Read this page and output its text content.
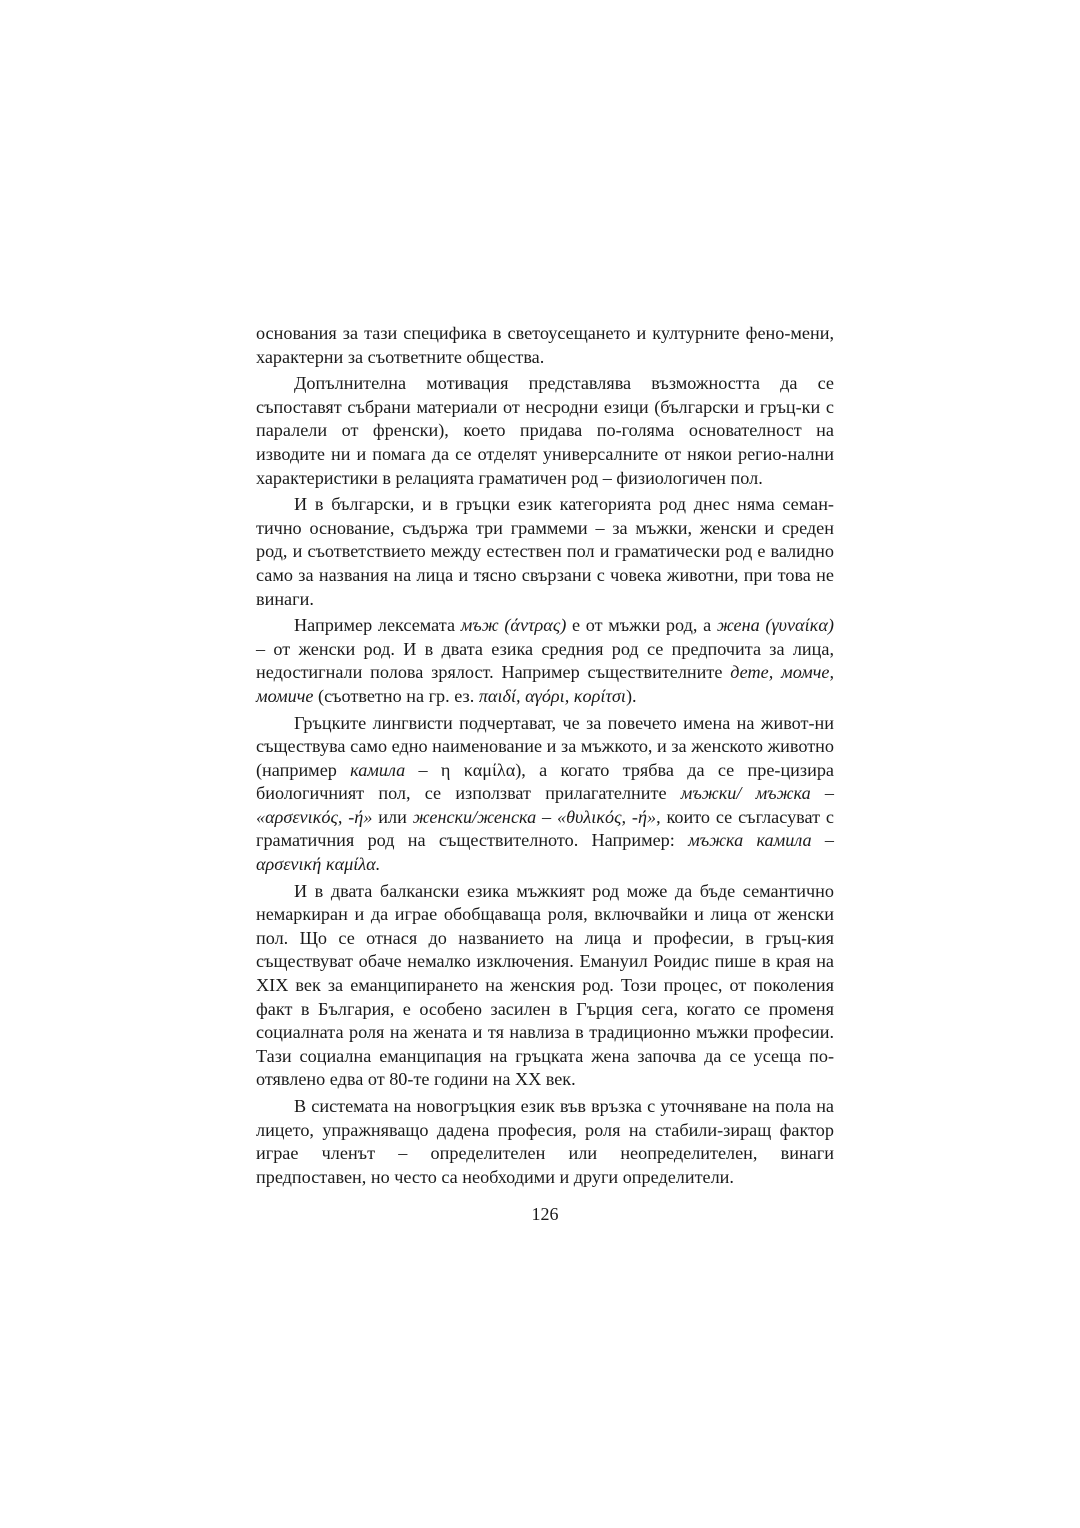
основания за тази специфика в светоусещането и културните фено-мени, характерни за съответните общества.

Допълнителна мотивация представлява възможността да се съпоставят събрани материали от несродни езици (български и гръц-ки с паралели от френски), което придава по-голяма основателност на изводите ни и помага да се отделят универсалните от някои регио-нални характеристики в релацията граматичен род – физиологичен пол.

И в български, и в гръцки език категорията род днес няма семан-тично основание, съдържа три граммеми – за мъжки, женски и среден род, и съответствието между естествен пол и граматически род е валидно само за названия на лица и тясно свързани с човека животни, при това не винаги.

Например лексемата мъж (άντρας) е от мъжки род, а жена (γυναίκα) – от женски род. И в двата езика средния род се предпочита за лица, недостигнали полова зрялост. Например съществителните дете, момче, момиче (съответно на гр. ез. παιδί, αγόρι, κορίτσι).

Гръцките лингвисти подчертават, че за повечето имена на живот-ни съществува само едно наименование и за мъжкото, и за женското животно (например камила – η καμίλα), а когато трябва да се пре-цизира биологичният пол, се използват прилагателните мъжки/ мъжка – «αρσενικός, -ή» или женски/женска – «θυλικός, -ή», които се съгласуват с граматичния род на съществителното. Например: мъжка камила – αρσενική καμίλα.

И в двата балкански езика мъжкият род може да бъде семантично немаркиран и да играе обобщаваща роля, включвайки и лица от женски пол. Що се отнася до названието на лица и професии, в гръц-кия съществуват обаче немалко изключения. Емануил Роидис пише в края на XIX век за еманципирането на женския род. Този процес, от поколения факт в България, е особено засилен в Гърция сега, когато се променя социалната роля на жената и тя навлиза в традиционно мъжки професии. Тази социална еманципация на гръцката жена започва да се усеща по-отявлено едва от 80-те години на XX век.

В системата на новогръцкия език във връзка с уточняване на пола на лицето, упражняващо дадена професия, роля на стабили-зиращ фактор играе членът – определителен или неопределителен, винаги предпоставен, но често са необходими и други определители.

126
